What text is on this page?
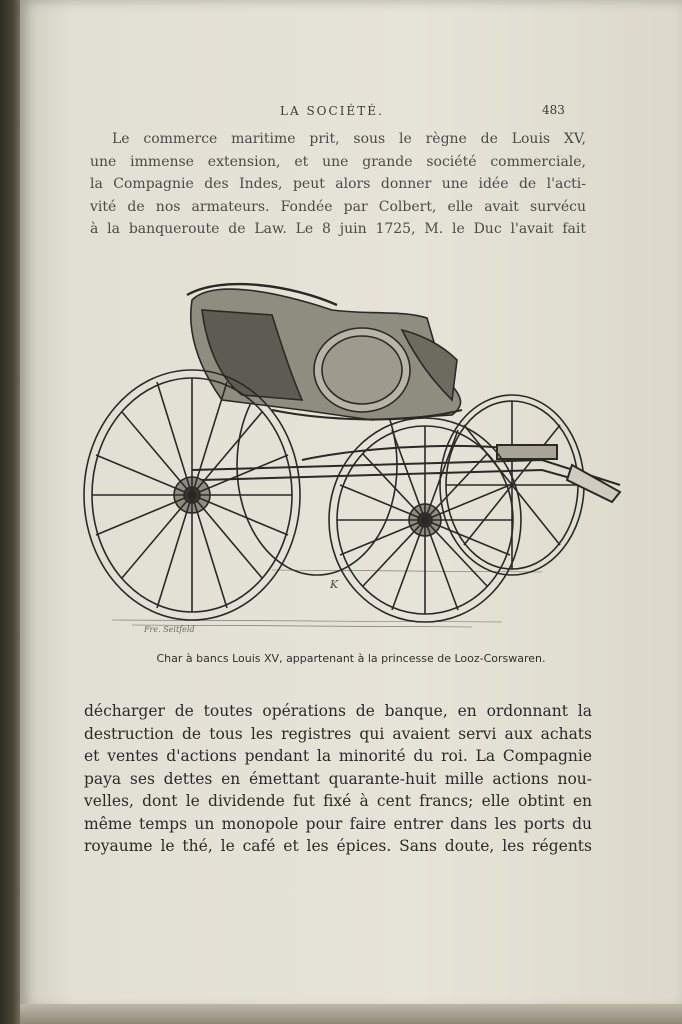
LA SOCIÉTÉ.	483

Le commerce maritime prit, sous le règne de Louis XV,
une immense extension, et une grande société commerciale,
la Compagnie des Indes, peut alors donner une idée de l'acti-
vité de nos armateurs. Fondée par Colbert, elle avait survécu
à la banqueroute de Law. Le 8 juin 1725, M. le Duc l'avait fait

Fre. Seitfeld
K
Char à bancs Louis XV, appartenant à la princesse de Looz-Corswaren.

décharger de toutes opérations de banque, en ordonnant la
destruction de tous les registres qui avaient servi aux achats
et ventes d'actions pendant la minorité du roi. La Compagnie
paya ses dettes en émettant quarante-huit mille actions nou-
velles, dont le dividende fut fixé à cent francs; elle obtint en
même temps un monopole pour faire entrer dans les ports du
royaume le thé, le café et les épices. Sans doute, les régents
